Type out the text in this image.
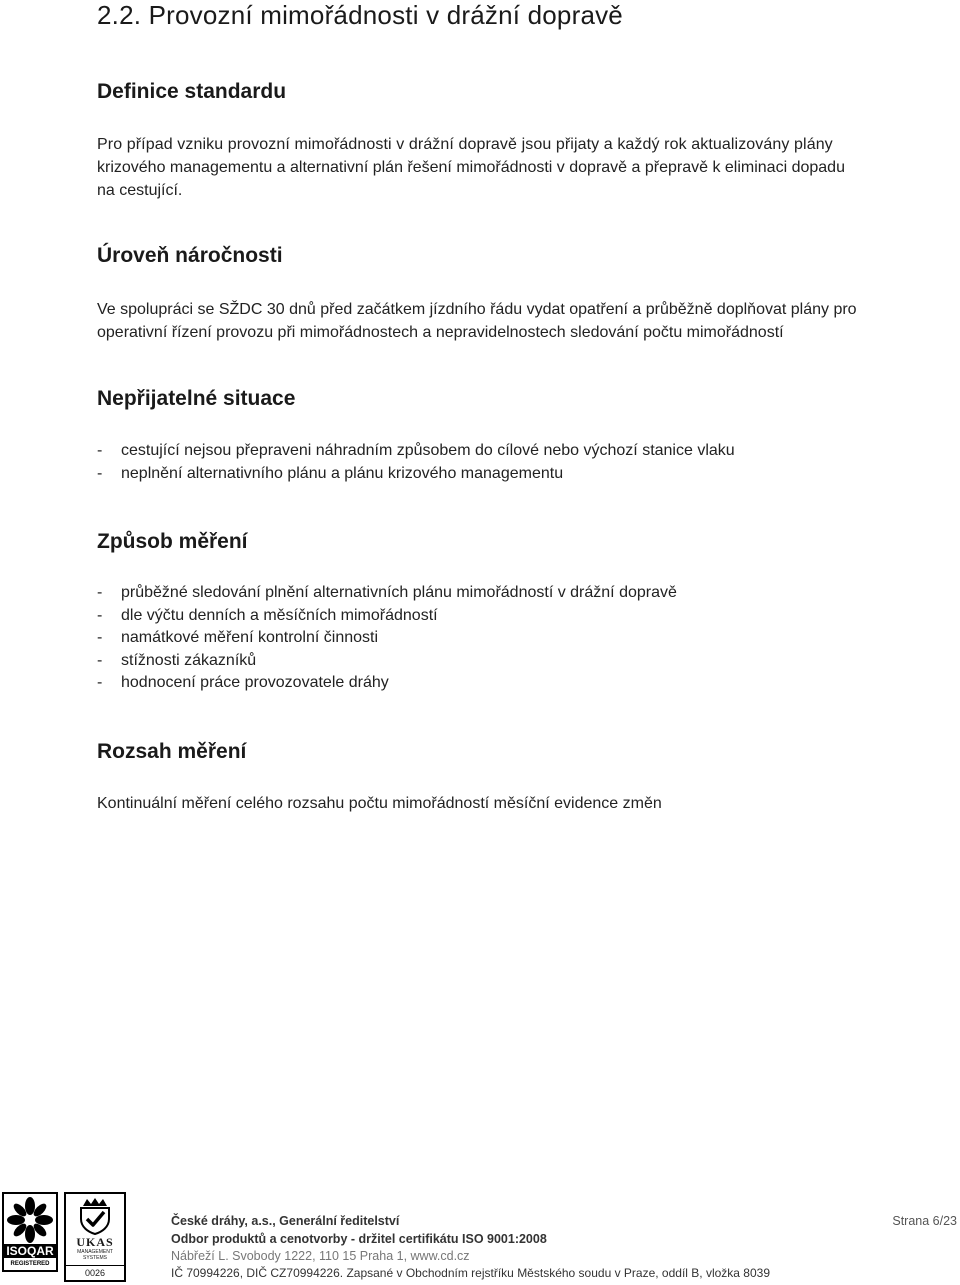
2.2. Provozní mimořádnosti v drážní dopravě
Definice standardu

Pro případ vzniku provozní mimořádnosti v drážní dopravě jsou přijaty a každý rok aktualizovány plány

krizového managementu a alternativní plán řešení mimořádnosti v dopravě a přepravě k eliminaci dopadu

na cestující.

Úroveň náročnosti

Ve spolupráci se SŽDC 30 dnů před začátkem jízdního řádu vydat opatření a průběžně doplňovat plány pro

operativní řízení provozu při mimořádnostech a nepravidelnostech sledování počtu mimořádností

Nepřijatelné situace
- cestující nejsou přepraveni náhradním způsobem do cílové nebo výchozí stanice vlaku
- neplnění alternativního plánu a plánu krizového managementu
Způsob měření
- průběžné sledování plnění alternativních plánu mimořádností v drážní dopravě
- dle výčtu denních a měsíčních mimořádností
- namátkové měření kontrolní činnosti
- stížnosti zákazníků
- hodnocení práce provozovatele dráhy
Rozsah měření

Kontinuální měření celého rozsahu počtu mimořádností měsíční evidence změn

ISOQAR
REGISTERED
UKAS
MANAGEMENT SYSTEMS
0026

České dráhy, a.s., Generální ředitelství

Odbor produktů a cenotvorby - držitel certifikátu ISO 9001:2008

Nábřeží L. Svobody 1222, 110 15 Praha 1, www.cd.cz

IČ 70994226, DIČ CZ70994226. Zapsané v Obchodním rejstříku Městského soudu v Praze, oddíl B, vložka 8039

Strana 6/23
